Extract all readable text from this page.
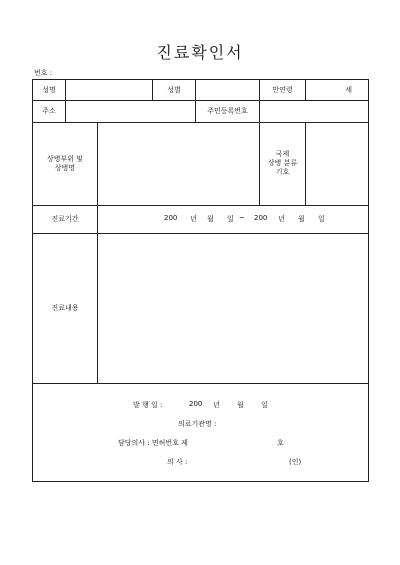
진료확인서
번호 :
성명	성별	만연령	세
주소	주민등록번호
상병부위 및
상병명
국제
상병 분류
기호
진료기간	200 년 월 일 ~ 200 년 월 일
진료내용
발 행 일 :	200 년 월 일
의료기관명 :
담당의사 : 면허번호 제	호
의 사 :	(인)
